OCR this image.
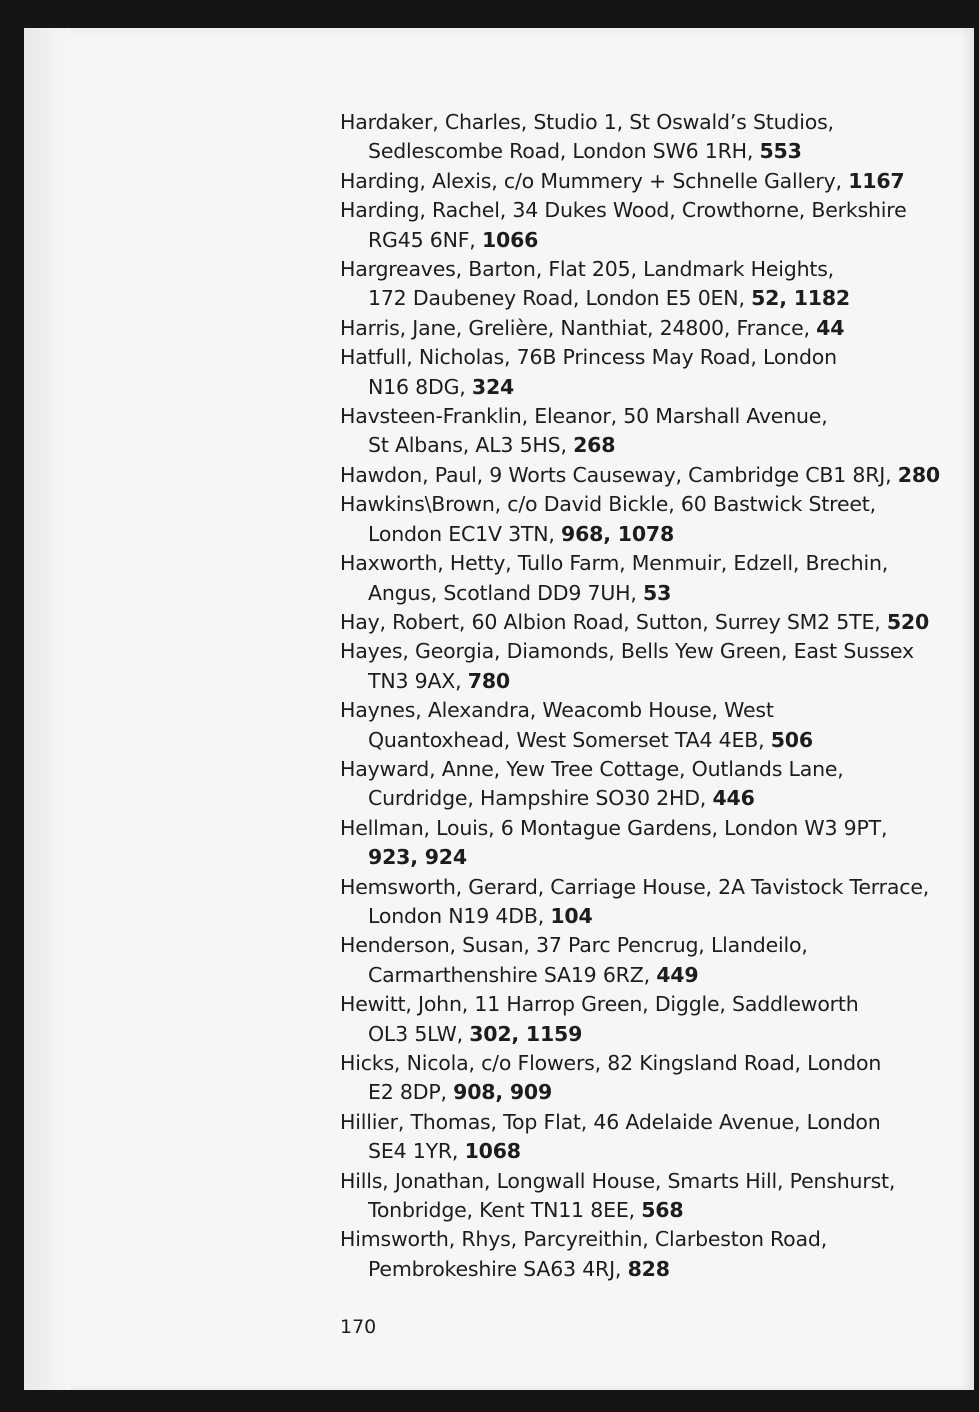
Hardaker, Charles, Studio 1, St Oswald’s Studios,
Sedlescombe Road, London SW6 1RH, 553
Harding, Alexis, c/o Mummery + Schnelle Gallery, 1167
Harding, Rachel, 34 Dukes Wood, Crowthorne, Berkshire
RG45 6NF, 1066
Hargreaves, Barton, Flat 205, Landmark Heights,
172 Daubeney Road, London E5 0EN, 52, 1182
Harris, Jane, Grelière, Nanthiat, 24800, France, 44
Hatfull, Nicholas, 76B Princess May Road, London
N16 8DG, 324
Havsteen-Franklin, Eleanor, 50 Marshall Avenue,
St Albans, AL3 5HS, 268
Hawdon, Paul, 9 Worts Causeway, Cambridge CB1 8RJ, 280
Hawkins\Brown, c/o David Bickle, 60 Bastwick Street,
London EC1V 3TN, 968, 1078
Haxworth, Hetty, Tullo Farm, Menmuir, Edzell, Brechin,
Angus, Scotland DD9 7UH, 53
Hay, Robert, 60 Albion Road, Sutton, Surrey SM2 5TE, 520
Hayes, Georgia, Diamonds, Bells Yew Green, East Sussex
TN3 9AX, 780
Haynes, Alexandra, Weacomb House, West
Quantoxhead, West Somerset TA4 4EB, 506
Hayward, Anne, Yew Tree Cottage, Outlands Lane,
Curdridge, Hampshire SO30 2HD, 446
Hellman, Louis, 6 Montague Gardens, London W3 9PT,
923, 924
Hemsworth, Gerard, Carriage House, 2A Tavistock Terrace,
London N19 4DB, 104
Henderson, Susan, 37 Parc Pencrug, Llandeilo,
Carmarthenshire SA19 6RZ, 449
Hewitt, John, 11 Harrop Green, Diggle, Saddleworth
OL3 5LW, 302, 1159
Hicks, Nicola, c/o Flowers, 82 Kingsland Road, London
E2 8DP, 908, 909
Hillier, Thomas, Top Flat, 46 Adelaide Avenue, London
SE4 1YR, 1068
Hills, Jonathan, Longwall House, Smarts Hill, Penshurst,
Tonbridge, Kent TN11 8EE, 568
Himsworth, Rhys, Parcyreithin, Clarbeston Road,
Pembrokeshire SA63 4RJ, 828
170
